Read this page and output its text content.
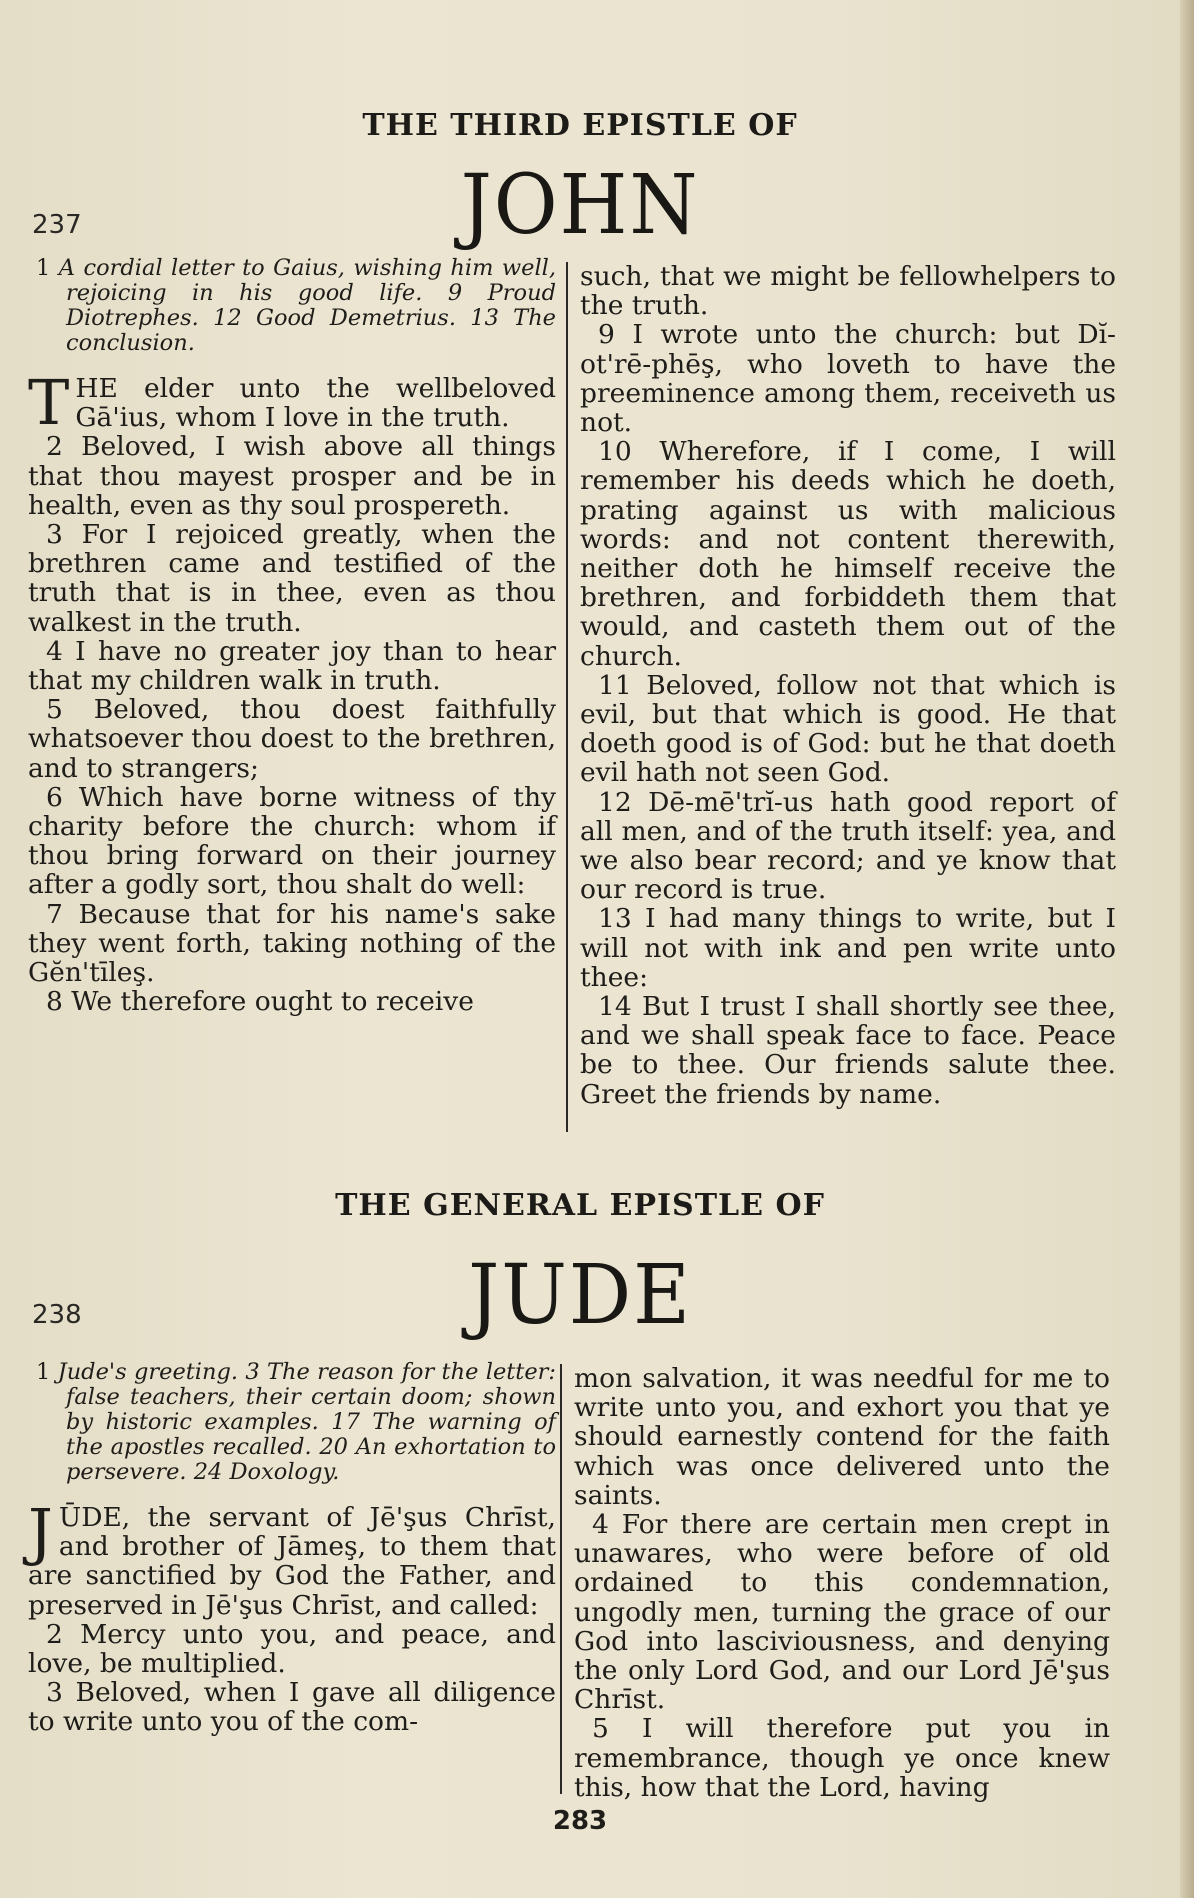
THE THIRD EPISTLE OF
237	JOHN

1 A cordial letter to Gaius, wishing him well, rejoicing in his good life. 9 Proud Diotrephes. 12 Good Demetrius. 13 The conclusion.

THE elder unto the wellbeloved Gā'ius, whom I love in the truth.

2 Beloved, I wish above all things that thou mayest prosper and be in health, even as thy soul prospereth.

3 For I rejoiced greatly, when the brethren came and testified of the truth that is in thee, even as thou walkest in the truth.

4 I have no greater joy than to hear that my children walk in truth.

5 Beloved, thou doest faithfully whatsoever thou doest to the brethren, and to strangers;

6 Which have borne witness of thy charity before the church: whom if thou bring forward on their journey after a godly sort, thou shalt do well:

7 Because that for his name's sake they went forth, taking nothing of the Gĕn'tīleş.

8 We therefore ought to receive

such, that we might be fellowhelpers to the truth.

9 I wrote unto the church: but Dĭ-ot'rē-phēş, who loveth to have the preeminence among them, receiveth us not.

10 Wherefore, if I come, I will remember his deeds which he doeth, prating against us with malicious words: and not content therewith, neither doth he himself receive the brethren, and forbiddeth them that would, and casteth them out of the church.

11 Beloved, follow not that which is evil, but that which is good. He that doeth good is of God: but he that doeth evil hath not seen God.

12 Dē-mē'trĭ-us hath good report of all men, and of the truth itself: yea, and we also bear record; and ye know that our record is true.

13 I had many things to write, but I will not with ink and pen write unto thee:

14 But I trust I shall shortly see thee, and we shall speak face to face. Peace be to thee. Our friends salute thee. Greet the friends by name.

THE GENERAL EPISTLE OF
238	JUDE

1 Jude's greeting. 3 The reason for the letter: false teachers, their certain doom; shown by historic examples. 17 The warning of the apostles recalled. 20 An exhortation to persevere. 24 Doxology.

JŪDE, the servant of Jē'şus Chrīst, and brother of Jāmeş, to them that are sanctified by God the Father, and preserved in Jē'şus Chrīst, and called:

2 Mercy unto you, and peace, and love, be multiplied.

3 Beloved, when I gave all diligence to write unto you of the com-

mon salvation, it was needful for me to write unto you, and exhort you that ye should earnestly contend for the faith which was once delivered unto the saints.

4 For there are certain men crept in unawares, who were before of old ordained to this condemnation, ungodly men, turning the grace of our God into lasciviousness, and denying the only Lord God, and our Lord Jē'şus Chrīst.

5 I will therefore put you in remembrance, though ye once knew this, how that the Lord, having

283
